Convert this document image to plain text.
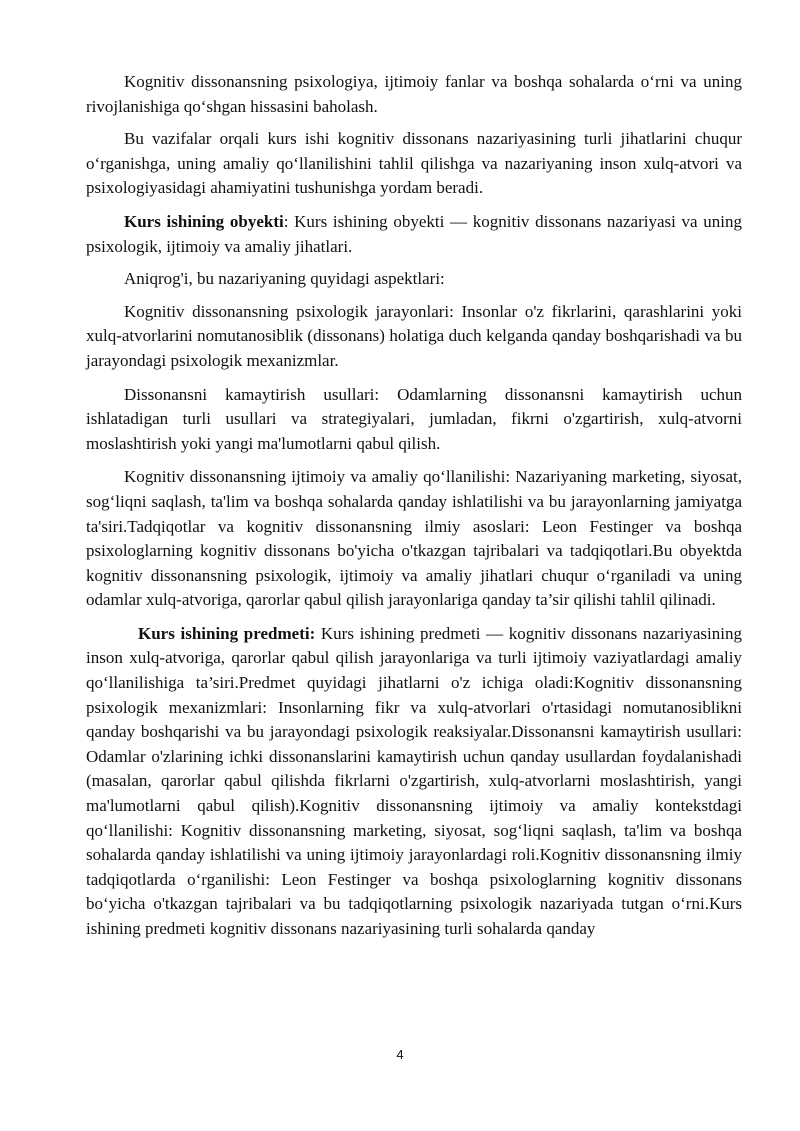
Kognitiv dissonansning psixologiya, ijtimoiy fanlar va boshqa sohalarda o‘rni va uning rivojlanishiga qo‘shgan hissasini baholash.

Bu vazifalar orqali kurs ishi kognitiv dissonans nazariyasining turli jihatlarini chuqur o‘rganishga, uning amaliy qo‘llanilishini tahlil qilishga va nazariyaning inson xulq-atvori va psixologiyasidagi ahamiyatini tushunishga yordam beradi.

Kurs ishining obyekti: Kurs ishining obyekti — kognitiv dissonans nazariyasi va uning psixologik, ijtimoiy va amaliy jihatlari.

Aniqrog'i, bu nazariyaning quyidagi aspektlari:

Kognitiv dissonansning psixologik jarayonlari: Insonlar o'z fikrlarini, qarashlarini yoki xulq-atvorlarini nomutanosiblik (dissonans) holatiga duch kelganda qanday boshqarishadi va bu jarayondagi psixologik mexanizmlar.

Dissonansni kamaytirish usullari: Odamlarning dissonansni kamaytirish uchun ishlatadigan turli usullari va strategiyalari, jumladan, fikrni o'zgartirish, xulq-atvorni moslashtirish yoki yangi ma'lumotlarni qabul qilish.

Kognitiv dissonansning ijtimoiy va amaliy qo‘llanilishi: Nazariyaning marketing, siyosat, sog‘liqni saqlash, ta'lim va boshqa sohalarda qanday ishlatilishi va bu jarayonlarning jamiyatga ta'siri.Tadqiqotlar va kognitiv dissonansning ilmiy asoslari: Leon Festinger va boshqa psixologlarning kognitiv dissonans bo'yicha o'tkazgan tajribalari va tadqiqotlari.Bu obyektda kognitiv dissonansning psixologik, ijtimoiy va amaliy jihatlari chuqur o‘rganiladi va uning odamlar xulq-atvoriga, qarorlar qabul qilish jarayonlariga qanday ta’sir qilishi tahlil qilinadi.

Kurs ishining predmeti: Kurs ishining predmeti — kognitiv dissonans nazariyasining inson xulq-atvoriga, qarorlar qabul qilish jarayonlariga va turli ijtimoiy vaziyatlardagi amaliy qo‘llanilishiga ta’siri.Predmet quyidagi jihatlarni o'z ichiga oladi:Kognitiv dissonansning psixologik mexanizmlari: Insonlarning fikr va xulq-atvorlari o'rtasidagi nomutanosiblikni qanday boshqarishi va bu jarayondagi psixologik reaksiyalar.Dissonansni kamaytirish usullari: Odamlar o'zlarining ichki dissonanslarini kamaytirish uchun qanday usullardan foydalanishadi (masalan, qarorlar qabul qilishda fikrlarni o'zgartirish, xulq-atvorlarni moslashtirish, yangi ma'lumotlarni qabul qilish).Kognitiv dissonansning ijtimoiy va amaliy kontekstdagi qo‘llanilishi: Kognitiv dissonansning marketing, siyosat, sog‘liqni saqlash, ta'lim va boshqa sohalarda qanday ishlatilishi va uning ijtimoiy jarayonlardagi roli.Kognitiv dissonansning ilmiy tadqiqotlarda o‘rganilishi: Leon Festinger va boshqa psixologlarning kognitiv dissonans bo‘yicha o'tkazgan tajribalari va bu tadqiqotlarning psixologik nazariyada tutgan o‘rni.Kurs ishining predmeti kognitiv dissonans nazariyasining turli sohalarda qanday

4
